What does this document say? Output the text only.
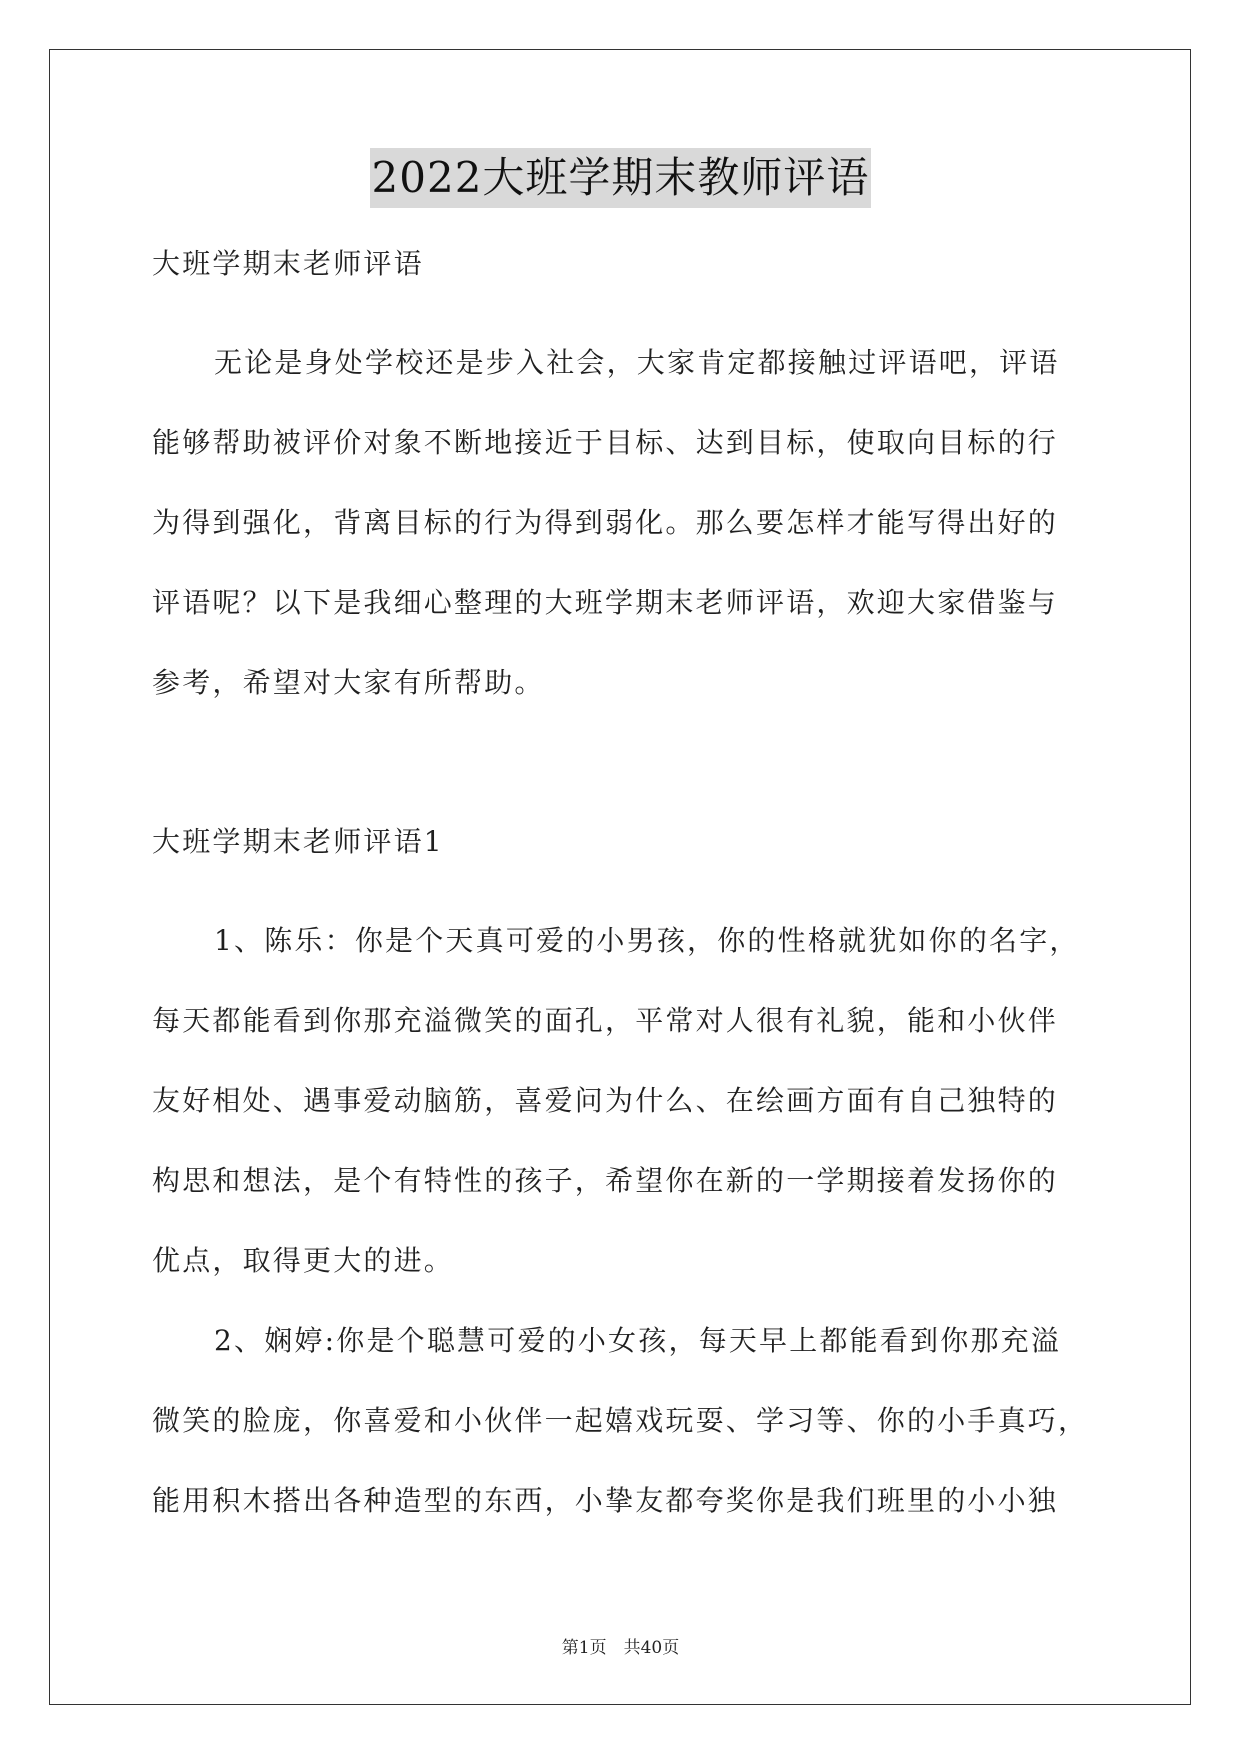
2022大班学期末教师评语
大班学期末老师评语
无论是身处学校还是步入社会，大家肯定都接触过评语吧，评语
能够帮助被评价对象不断地接近于目标、达到目标，使取向目标的行
为得到强化，背离目标的行为得到弱化。那么要怎样才能写得出好的
评语呢？以下是我细心整理的大班学期末老师评语，欢迎大家借鉴与
参考，希望对大家有所帮助。
大班学期末老师评语1
1、陈乐：你是个天真可爱的小男孩，你的性格就犹如你的名字，
每天都能看到你那充溢微笑的面孔，平常对人很有礼貌，能和小伙伴
友好相处、遇事爱动脑筋，喜爱问为什么、在绘画方面有自己独特的
构思和想法，是个有特性的孩子，希望你在新的一学期接着发扬你的
优点，取得更大的进。
2、娴婷:你是个聪慧可爱的小女孩，每天早上都能看到你那充溢
微笑的脸庞，你喜爱和小伙伴一起嬉戏玩耍、学习等、你的小手真巧，
能用积木搭出各种造型的东西，小挚友都夸奖你是我们班里的小小独
第1页　共40页
